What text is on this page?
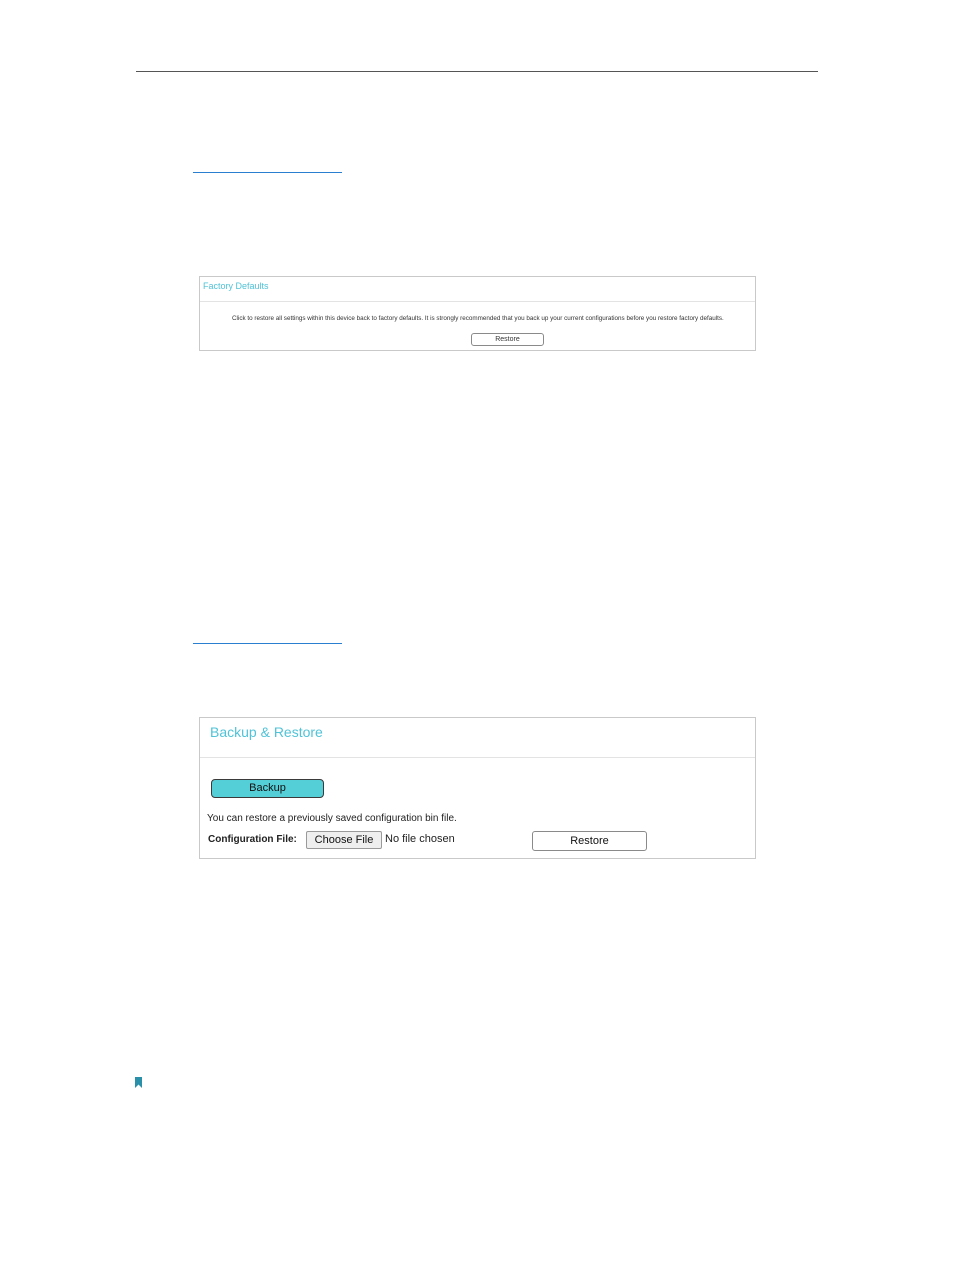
Factory Defaults
Click to restore all settings within this device back to factory defaults. It is strongly recommended that you back up your current configurations before you restore factory defaults.
Restore
Backup & Restore
Backup
You can restore a previously saved configuration bin file.
Configuration File:	Choose File	No file chosen	Restore
